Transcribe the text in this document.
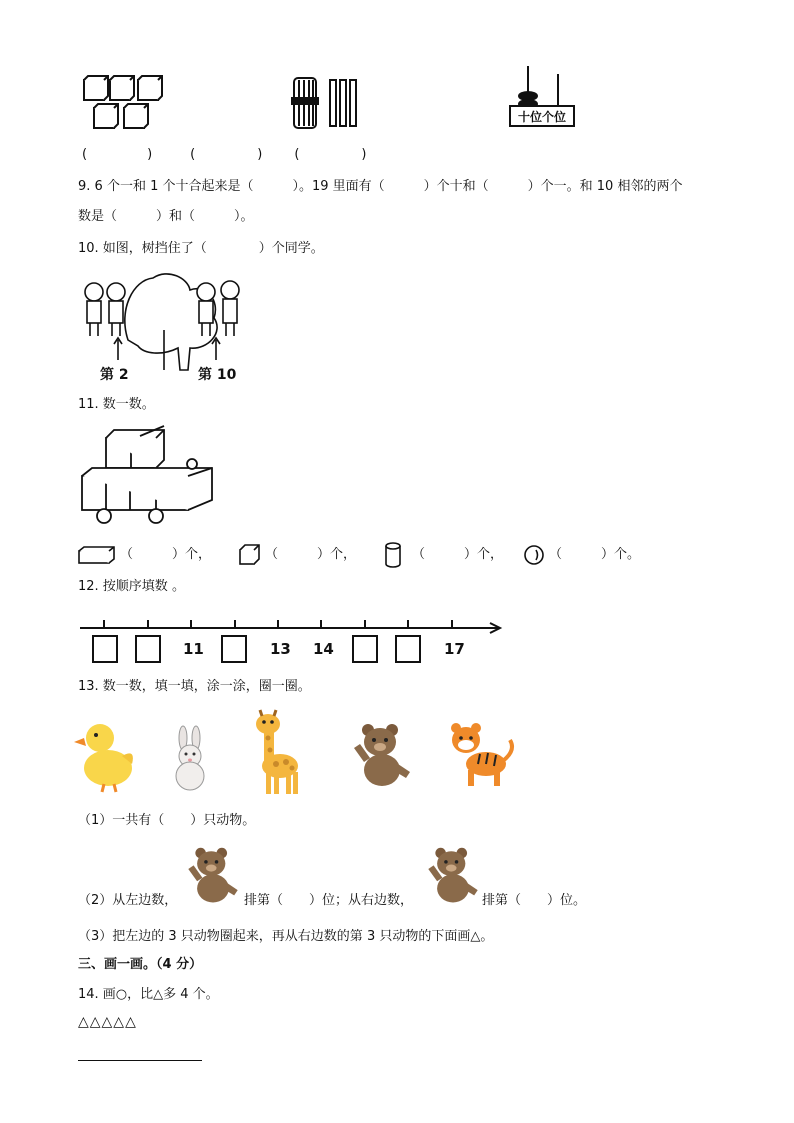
十位个位
(	)	(	) (	)
9. 6 个一和 1 个十合起来是（　　　）。19 里面有（　　　）个十和（　　　）个一。和 10 相邻的两个
数是（　　　）和（　　　）。
10. 如图，树挡住了（　　　　）个同学。
第 2	第 10
11. 数一数。
（　　　）个，	（　　　）个，	（　　　）个，	（　　　）个。
12. 按顺序填数 。
11	13 14	17
13. 数一数，填一填，涂一涂，圈一圈。
（1）一共有（　　）只动物。
（2）从左边数，	排第（　　）位；从右边数，	排第（　　）位。
（3）把左边的 3 只动物圈起来，再从右边数的第 3 只动物的下面画△。
三、画一画。（4 分）
14. 画○，比△多 4 个。
△△△△△
